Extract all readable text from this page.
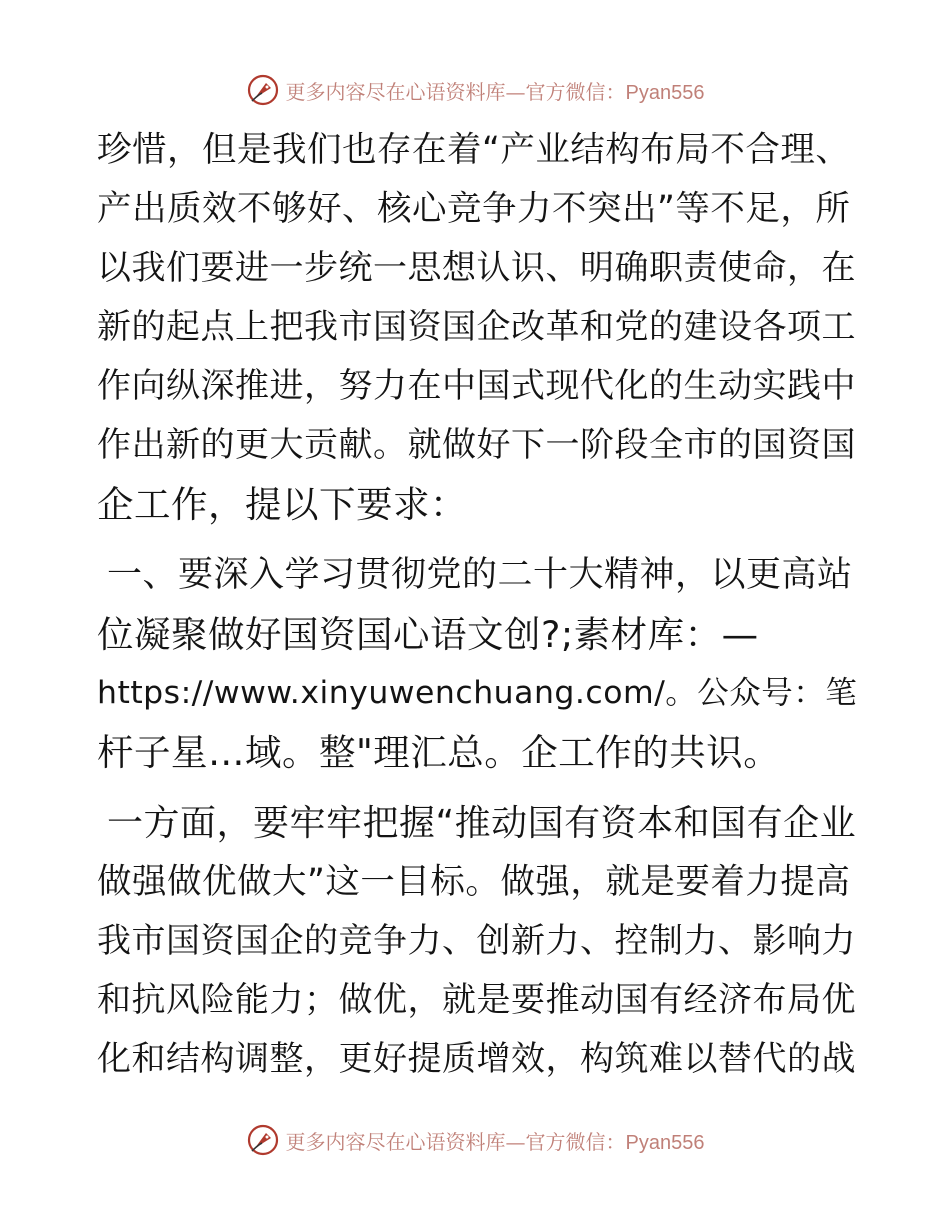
更多内容尽在心语资料库—官方微信：Pyan556
珍惜，但是我们也存在着“产业结构布局不合理、
产出质效不够好、核心竞争力不突出”等不足，所
以我们要进一步统一思想认识、明确职责使命，在
新的起点上把我市国资国企改革和党的建设各项工
作向纵深推进，努力在中国式现代化的生动实践中
作出新的更大贡献。就做好下一阶段全市的国资国
企工作，提以下要求：
一、要深入学习贯彻党的二十大精神，以更高站
位凝聚做好国资国心语文创?;素材库：—
https://www.xinyuwenchuang.com/。公众号：笔
杆子星…域。整"理汇总。企工作的共识。
一方面，要牢牢把握“推动国有资本和国有企业
做强做优做大”这一目标。做强，就是要着力提高
我市国资国企的竞争力、创新力、控制力、影响力
和抗风险能力；做优，就是要推动国有经济布局优
化和结构调整，更好提质增效，构筑难以替代的战
更多内容尽在心语资料库—官方微信：Pyan556
